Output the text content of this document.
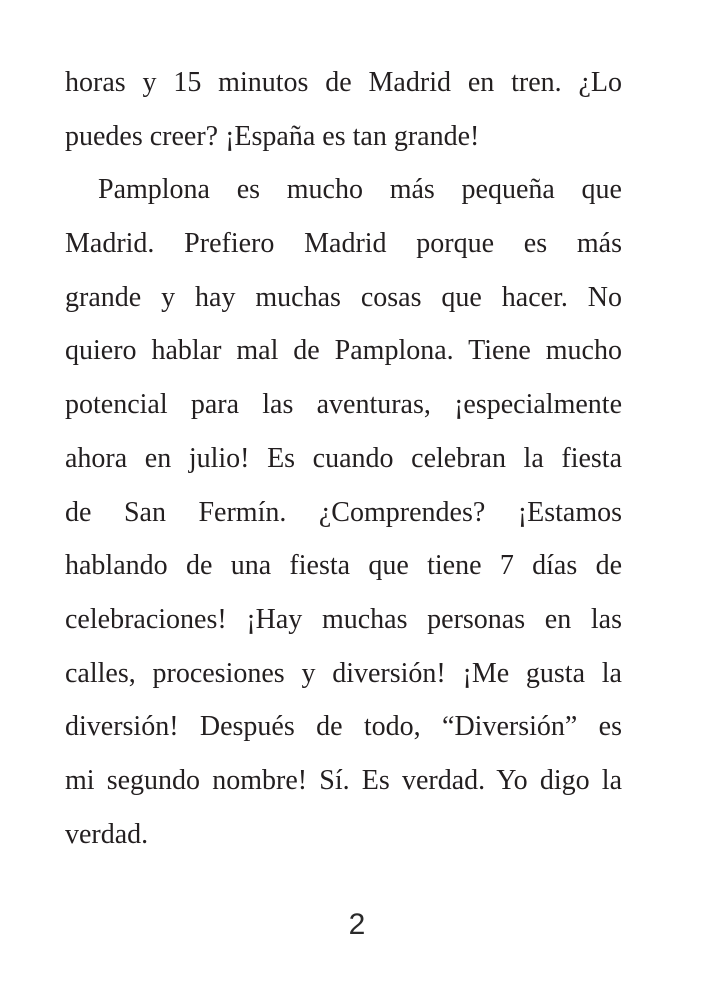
horas y 15 minutos de Madrid en tren. ¿Lo
puedes creer? ¡España es tan grande!
Pamplona es mucho más pequeña que
Madrid. Prefiero Madrid porque es más
grande y hay muchas cosas que hacer. No
quiero hablar mal de Pamplona. Tiene mucho
potencial para las aventuras, ¡especialmente
ahora en julio! Es cuando celebran la fiesta
de San Fermín. ¿Comprendes? ¡Estamos
hablando de una fiesta que tiene 7 días de
celebraciones! ¡Hay muchas personas en las
calles, procesiones y diversión! ¡Me gusta la
diversión! Después de todo, “Diversión” es
mi segundo nombre! Sí. Es verdad. Yo digo la
verdad.
2
